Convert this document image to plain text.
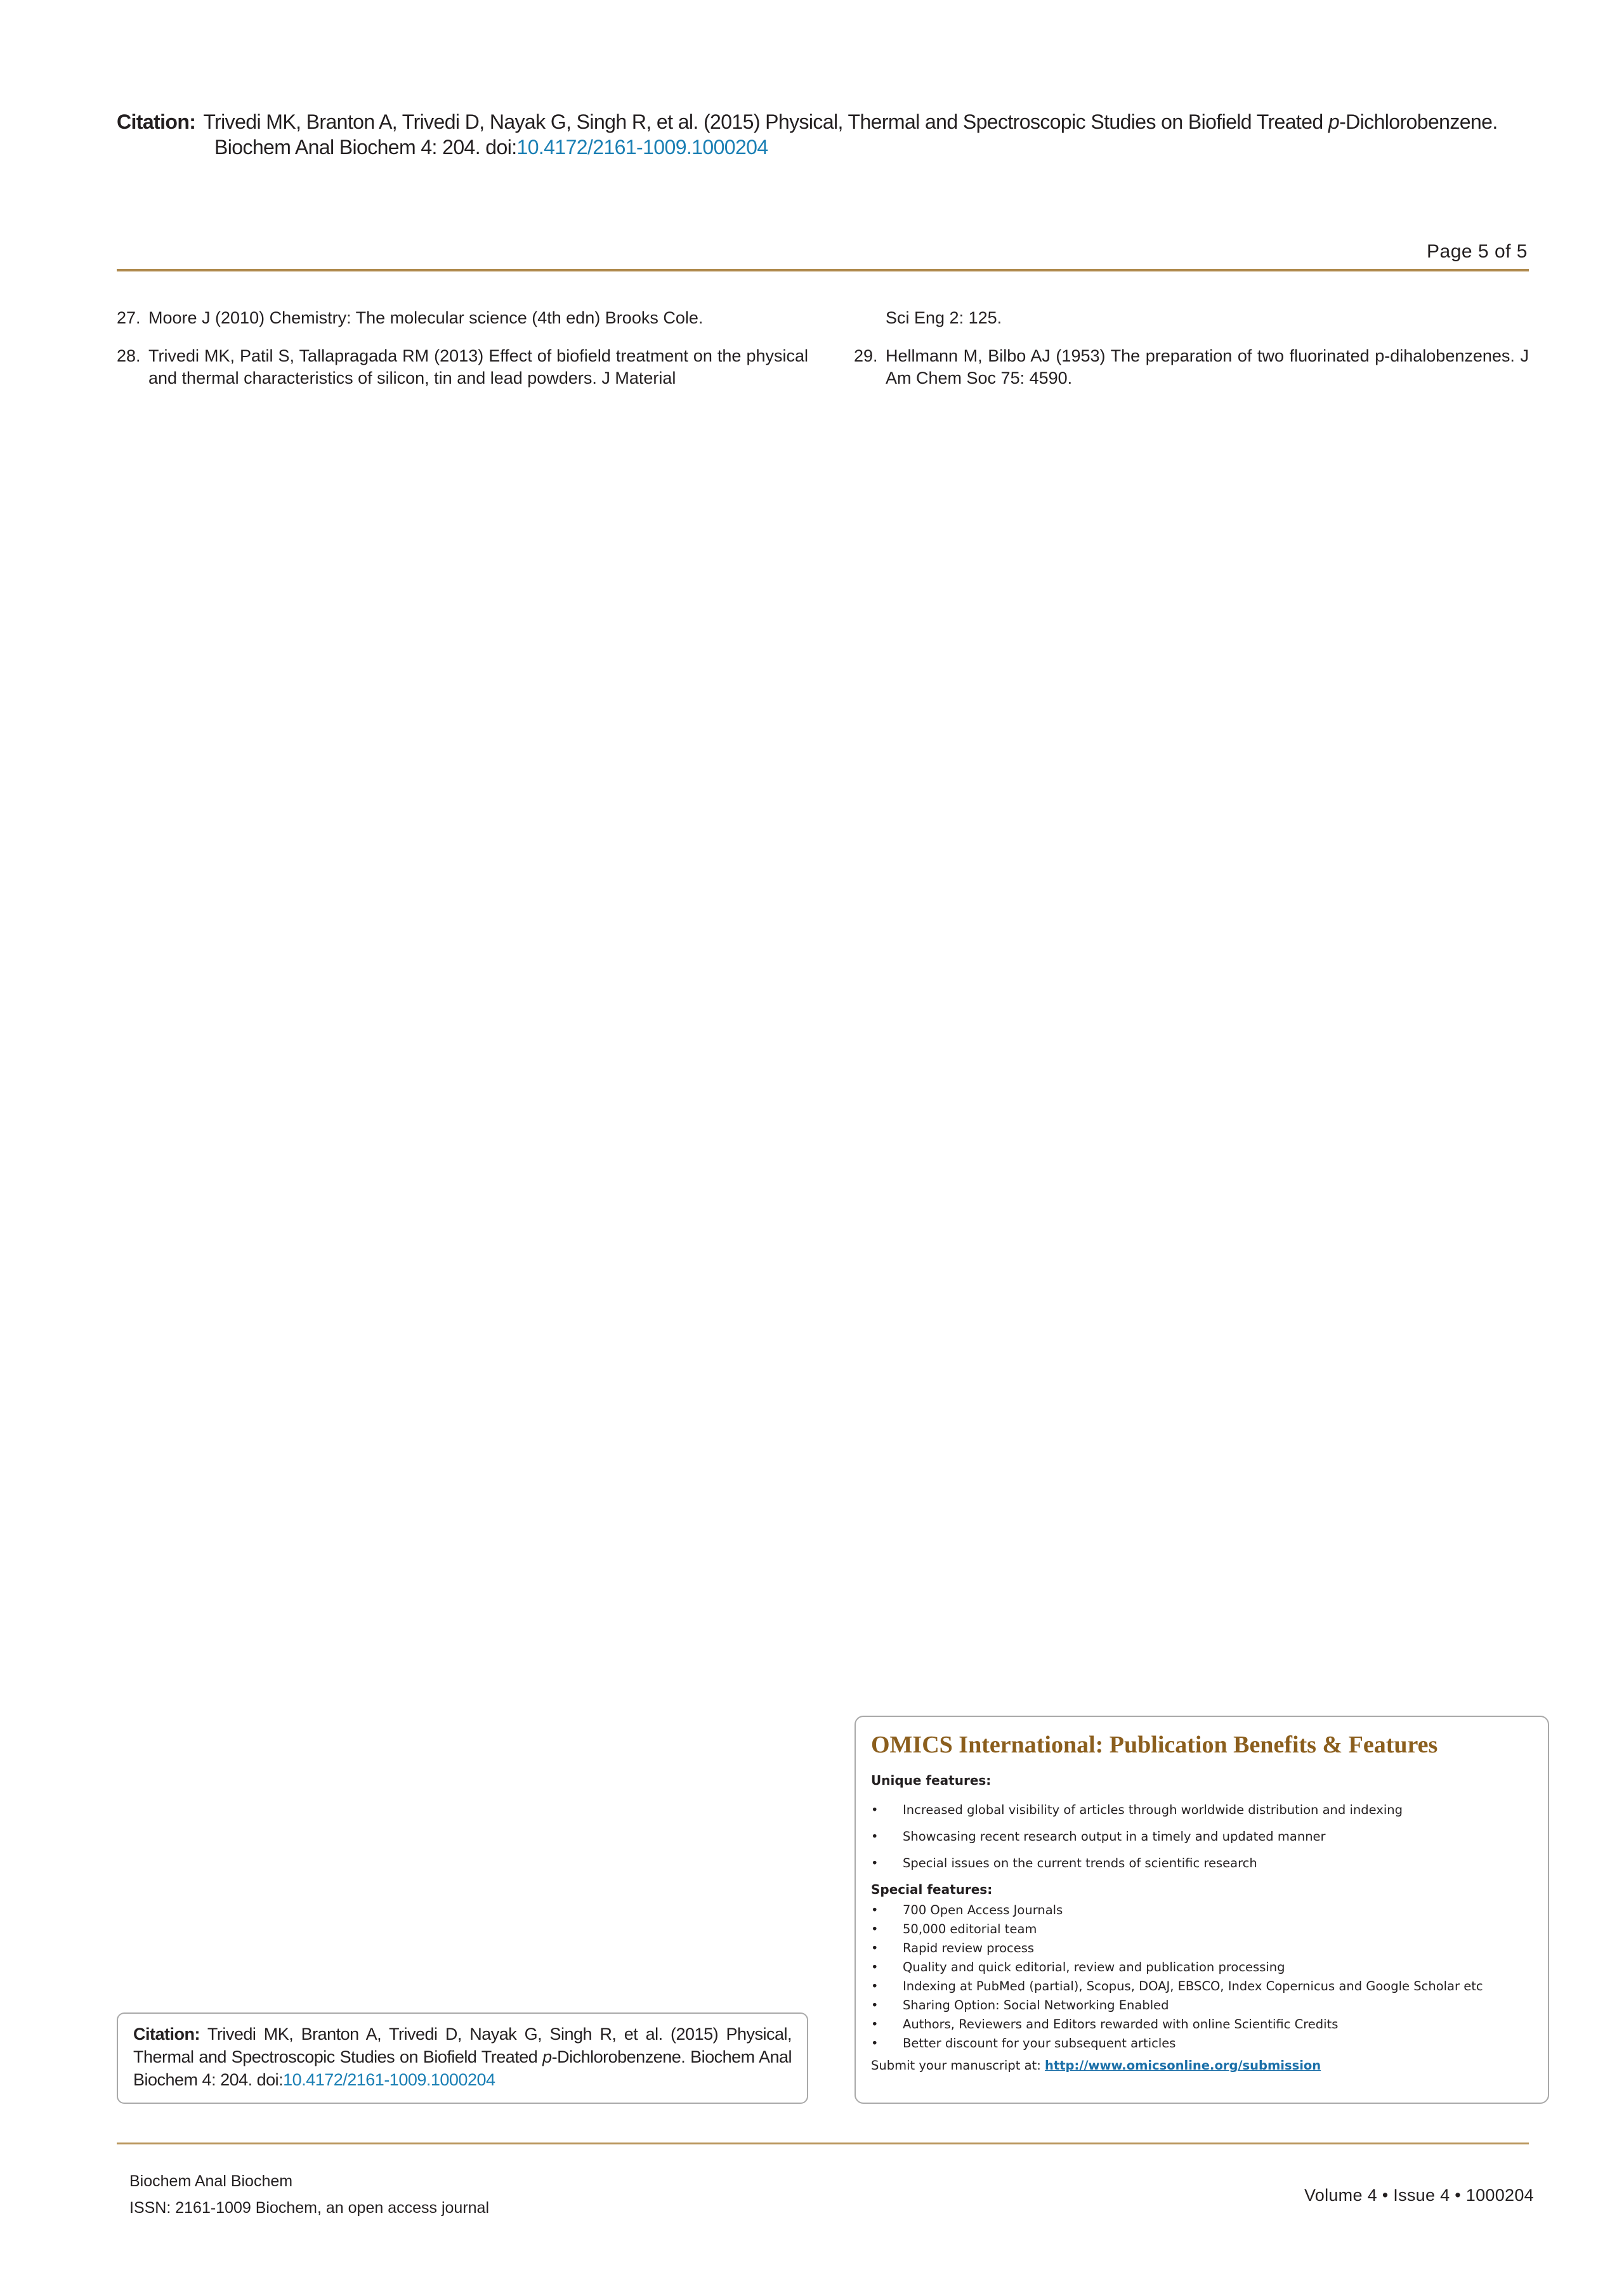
Citation: Trivedi MK, Branton A, Trivedi D, Nayak G, Singh R, et al. (2015) Physical, Thermal and Spectroscopic Studies on Biofield Treated p-Dichlorobenzene.
Biochem Anal Biochem 4: 204. doi:10.4172/2161-1009.1000204
Page 5 of 5
27. Moore J (2010) Chemistry: The molecular science (4th edn) Brooks Cole.
28. Trivedi MK, Patil S, Tallapragada RM (2013) Effect of biofield treatment on the physical and thermal characteristics of silicon, tin and lead powders. J Material
Sci Eng 2: 125.
29. Hellmann M, Bilbo AJ (1953) The preparation of two fluorinated p-dihalobenzenes. J Am Chem Soc 75: 4590.
OMICS International: Publication Benefits & Features
Unique features:
•	Increased global visibility of articles through worldwide distribution and indexing
•	Showcasing recent research output in a timely and updated manner
•	Special issues on the current trends of scientific research
Special features:
•	700 Open Access Journals
•	50,000 editorial team
•	Rapid review process
•	Quality and quick editorial, review and publication processing
•	Indexing at PubMed (partial), Scopus, DOAJ, EBSCO, Index Copernicus and Google Scholar etc
•	Sharing Option: Social Networking Enabled
•	Authors, Reviewers and Editors rewarded with online Scientific Credits
•	Better discount for your subsequent articles
Submit your manuscript at: http://www.omicsonline.org/submission
Citation: Trivedi MK, Branton A, Trivedi D, Nayak G, Singh R, et al. (2015) Physical, Thermal and Spectroscopic Studies on Biofield Treated p-Dichlorobenzene. Biochem Anal Biochem 4: 204. doi:10.4172/2161-1009.1000204
Biochem Anal Biochem
ISSN: 2161-1009 Biochem, an open access journal
Volume 4 • Issue 4 • 1000204
